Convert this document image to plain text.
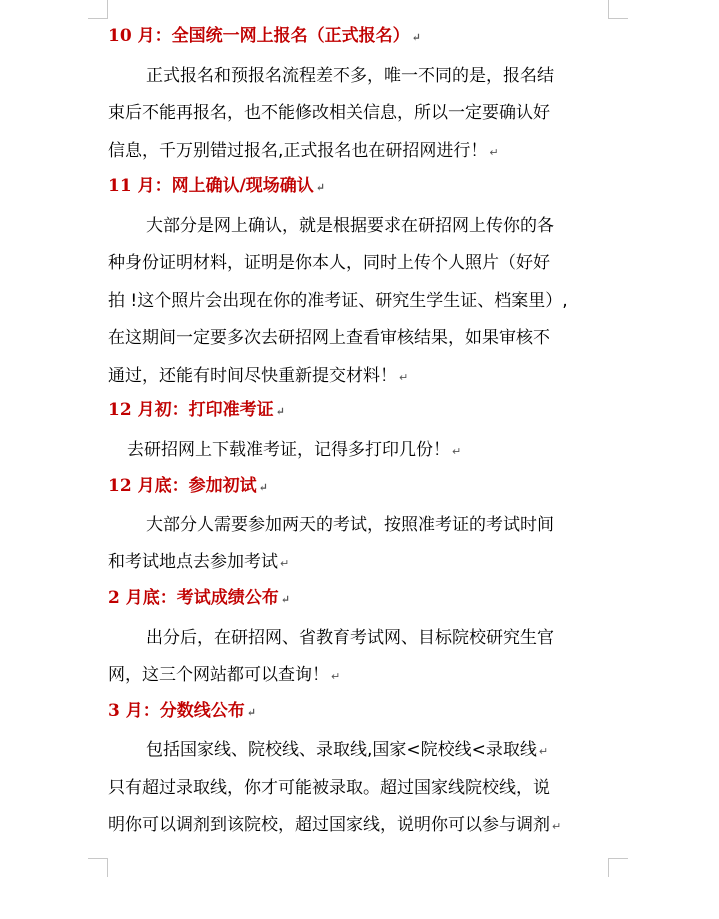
10 月：全国统一网上报名（正式报名） ↵
正式报名和预报名流程差不多，唯一不同的是，报名结
束后不能再报名，也不能修改相关信息，所以一定要确认好
信息，千万别错过报名,正式报名也在研招网进行！ ↵
11 月：网上确认/现场确认 ↵
大部分是网上确认，就是根据要求在研招网上传你的各
种身份证明材料，证明是你本人，同时上传个人照片（好好
拍 !这个照片会出现在你的准考证、研究生学生证、档案里）,
在这期间一定要多次去研招网上查看审核结果，如果审核不
通过，还能有时间尽快重新提交材料！ ↵
12 月初：打印准考证 ↵
去研招网上下载准考证，记得多打印几份！ ↵
12 月底：参加初试 ↵
大部分人需要参加两天的考试，按照准考证的考试时间
和考试地点去参加考试 ↵
2 月底：考试成绩公布 ↵
出分后，在研招网、省教育考试网、目标院校研究生官
网，这三个网站都可以查询！ ↵
3 月：分数线公布 ↵
包括国家线、院校线、录取线,国家<院校线<录取线 ↵
只有超过录取线，你才可能被录取。超过国家线院校线，说
明你可以调剂到该院校，超过国家线，说明你可以参与调剂 ↵
